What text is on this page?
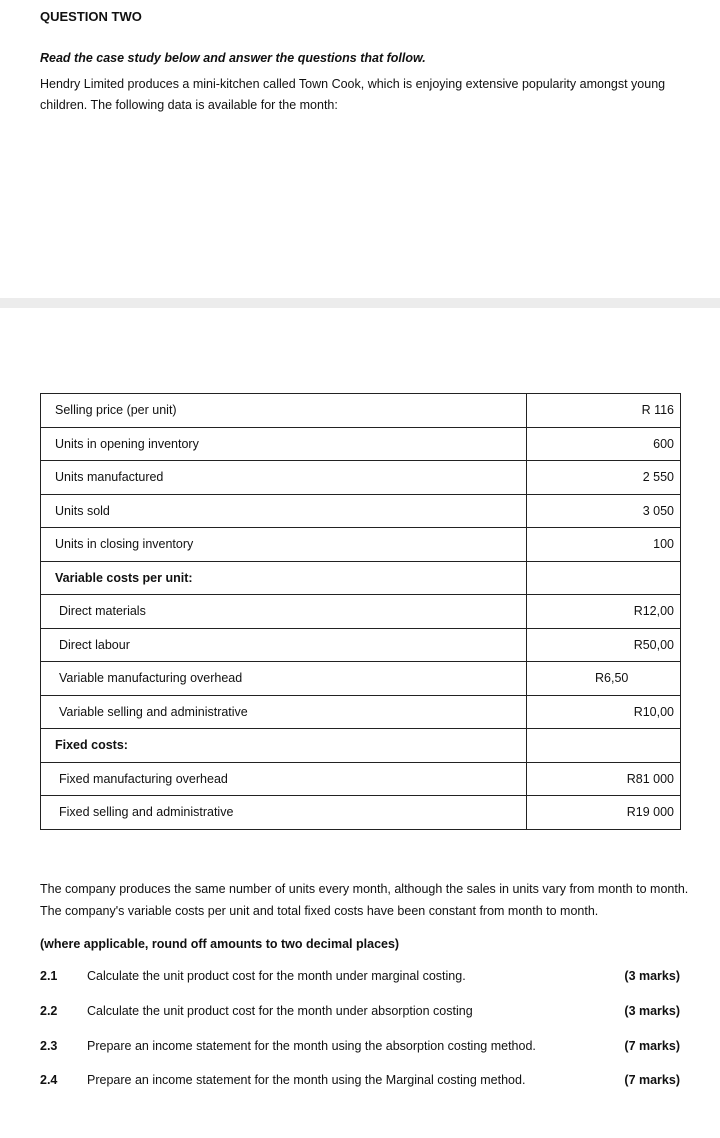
QUESTION TWO
Read the case study below and answer the questions that follow.
Hendry Limited produces a mini-kitchen called Town Cook, which is enjoying extensive popularity amongst young children. The following data is available for the month:
Selling price (per unit)	R 116
Units in opening inventory	600
Units manufactured	2 550
Units sold	3 050
Units in closing inventory	100
Variable costs per unit:	
Direct materials	R12,00
Direct labour	R50,00
Variable manufacturing overhead	R6,50

Variable selling and administrative	R10,00
Fixed costs:	
Fixed manufacturing overhead	R81 000
Fixed selling and administrative	R19 000
The company produces the same number of units every month, although the sales in units vary from month to month. The company's variable costs per unit and total fixed costs have been constant from month to month.
(where applicable, round off amounts to two decimal places)
2.1 Calculate the unit product cost for the month under marginal costing.	(3 marks)
2.2 Calculate the unit product cost for the month under absorption costing	(3 marks)
2.3 Prepare an income statement for the month using the absorption costing method.	(7 marks)
2.4 Prepare an income statement for the month using the Marginal costing method.	(7 marks)
